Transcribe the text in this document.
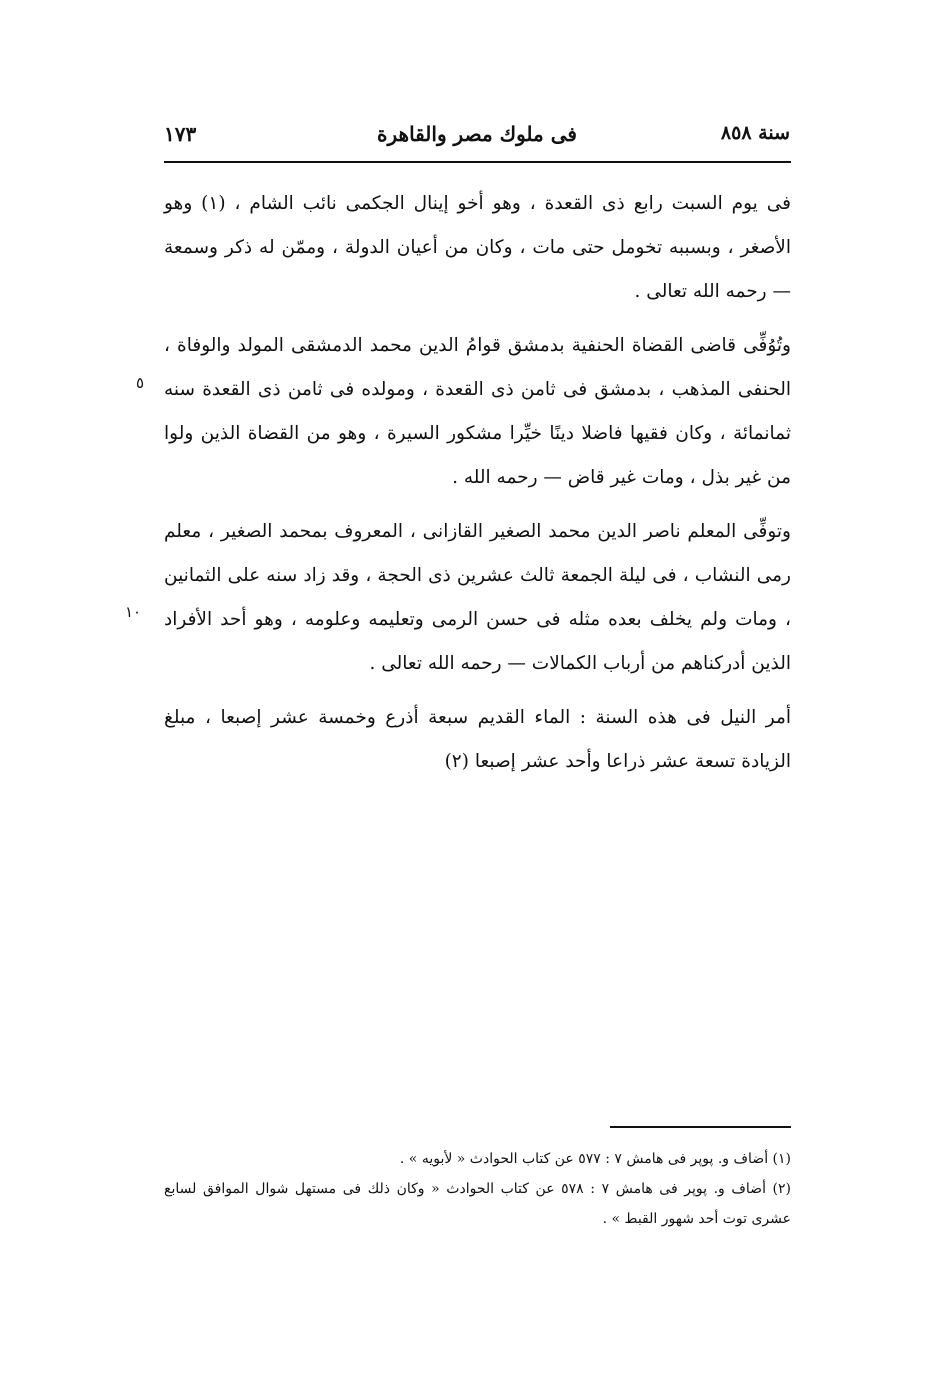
سنة ٨٥٨
فى ملوك مصر والقاهرة
١٧٣
٥
١٠

فى يوم السبت رابع ذى القعدة ، وهو أخو إينال الجكمى نائب الشام ، (١) وهو الأصغر ، وبسببه تخومل حتى مات ، وكان من أعيان الدولة ، وممّن له ذكر وسمعة — رحمه الله تعالى .

وتُوُفِّى قاضى القضاة الحنفية بدمشق قوامُ الدين محمد الدمشقى المولد والوفاة ، الحنفى المذهب ، بدمشق فى ثامن ذى القعدة ، ومولده فى ثامن ذى القعدة سنه ثمانمائة ، وكان فقيها فاضلا دينًا خيِّرا مشكور السيرة ، وهو من القضاة الذين ولوا من غير بذل ، ومات غير قاض — رحمه الله .

وتوفِّى المعلم ناصر الدين محمد الصغير القازانى ، المعروف بمحمد الصغير ، معلم رمى النشاب ، فى ليلة الجمعة ثالث عشرين ذى الحجة ، وقد زاد سنه على الثمانين ، ومات ولم يخلف بعده مثله فى حسن الرمى وتعليمه وعلومه ، وهو أحد الأفراد الذين أدركناهم من أرباب الكمالات — رحمه الله تعالى .

أمر النيل فى هذه السنة : الماء القديم سبعة أذرع وخمسة عشر إصبعا ، مبلغ الزيادة تسعة عشر ذراعا وأحد عشر إصبعا (٢)

(١) أضاف و. پوپر فى هامش ٧ : ٥٧٧ عن كتاب الحوادث « لأبويه » .

(٢) أضاف و. پوپر فى هامش ٧ : ٥٧٨ عن كتاب الحوادث « وكان ذلك فى مستهل شوال الموافق لسابع عشرى توت أحد شهور القبط » .
